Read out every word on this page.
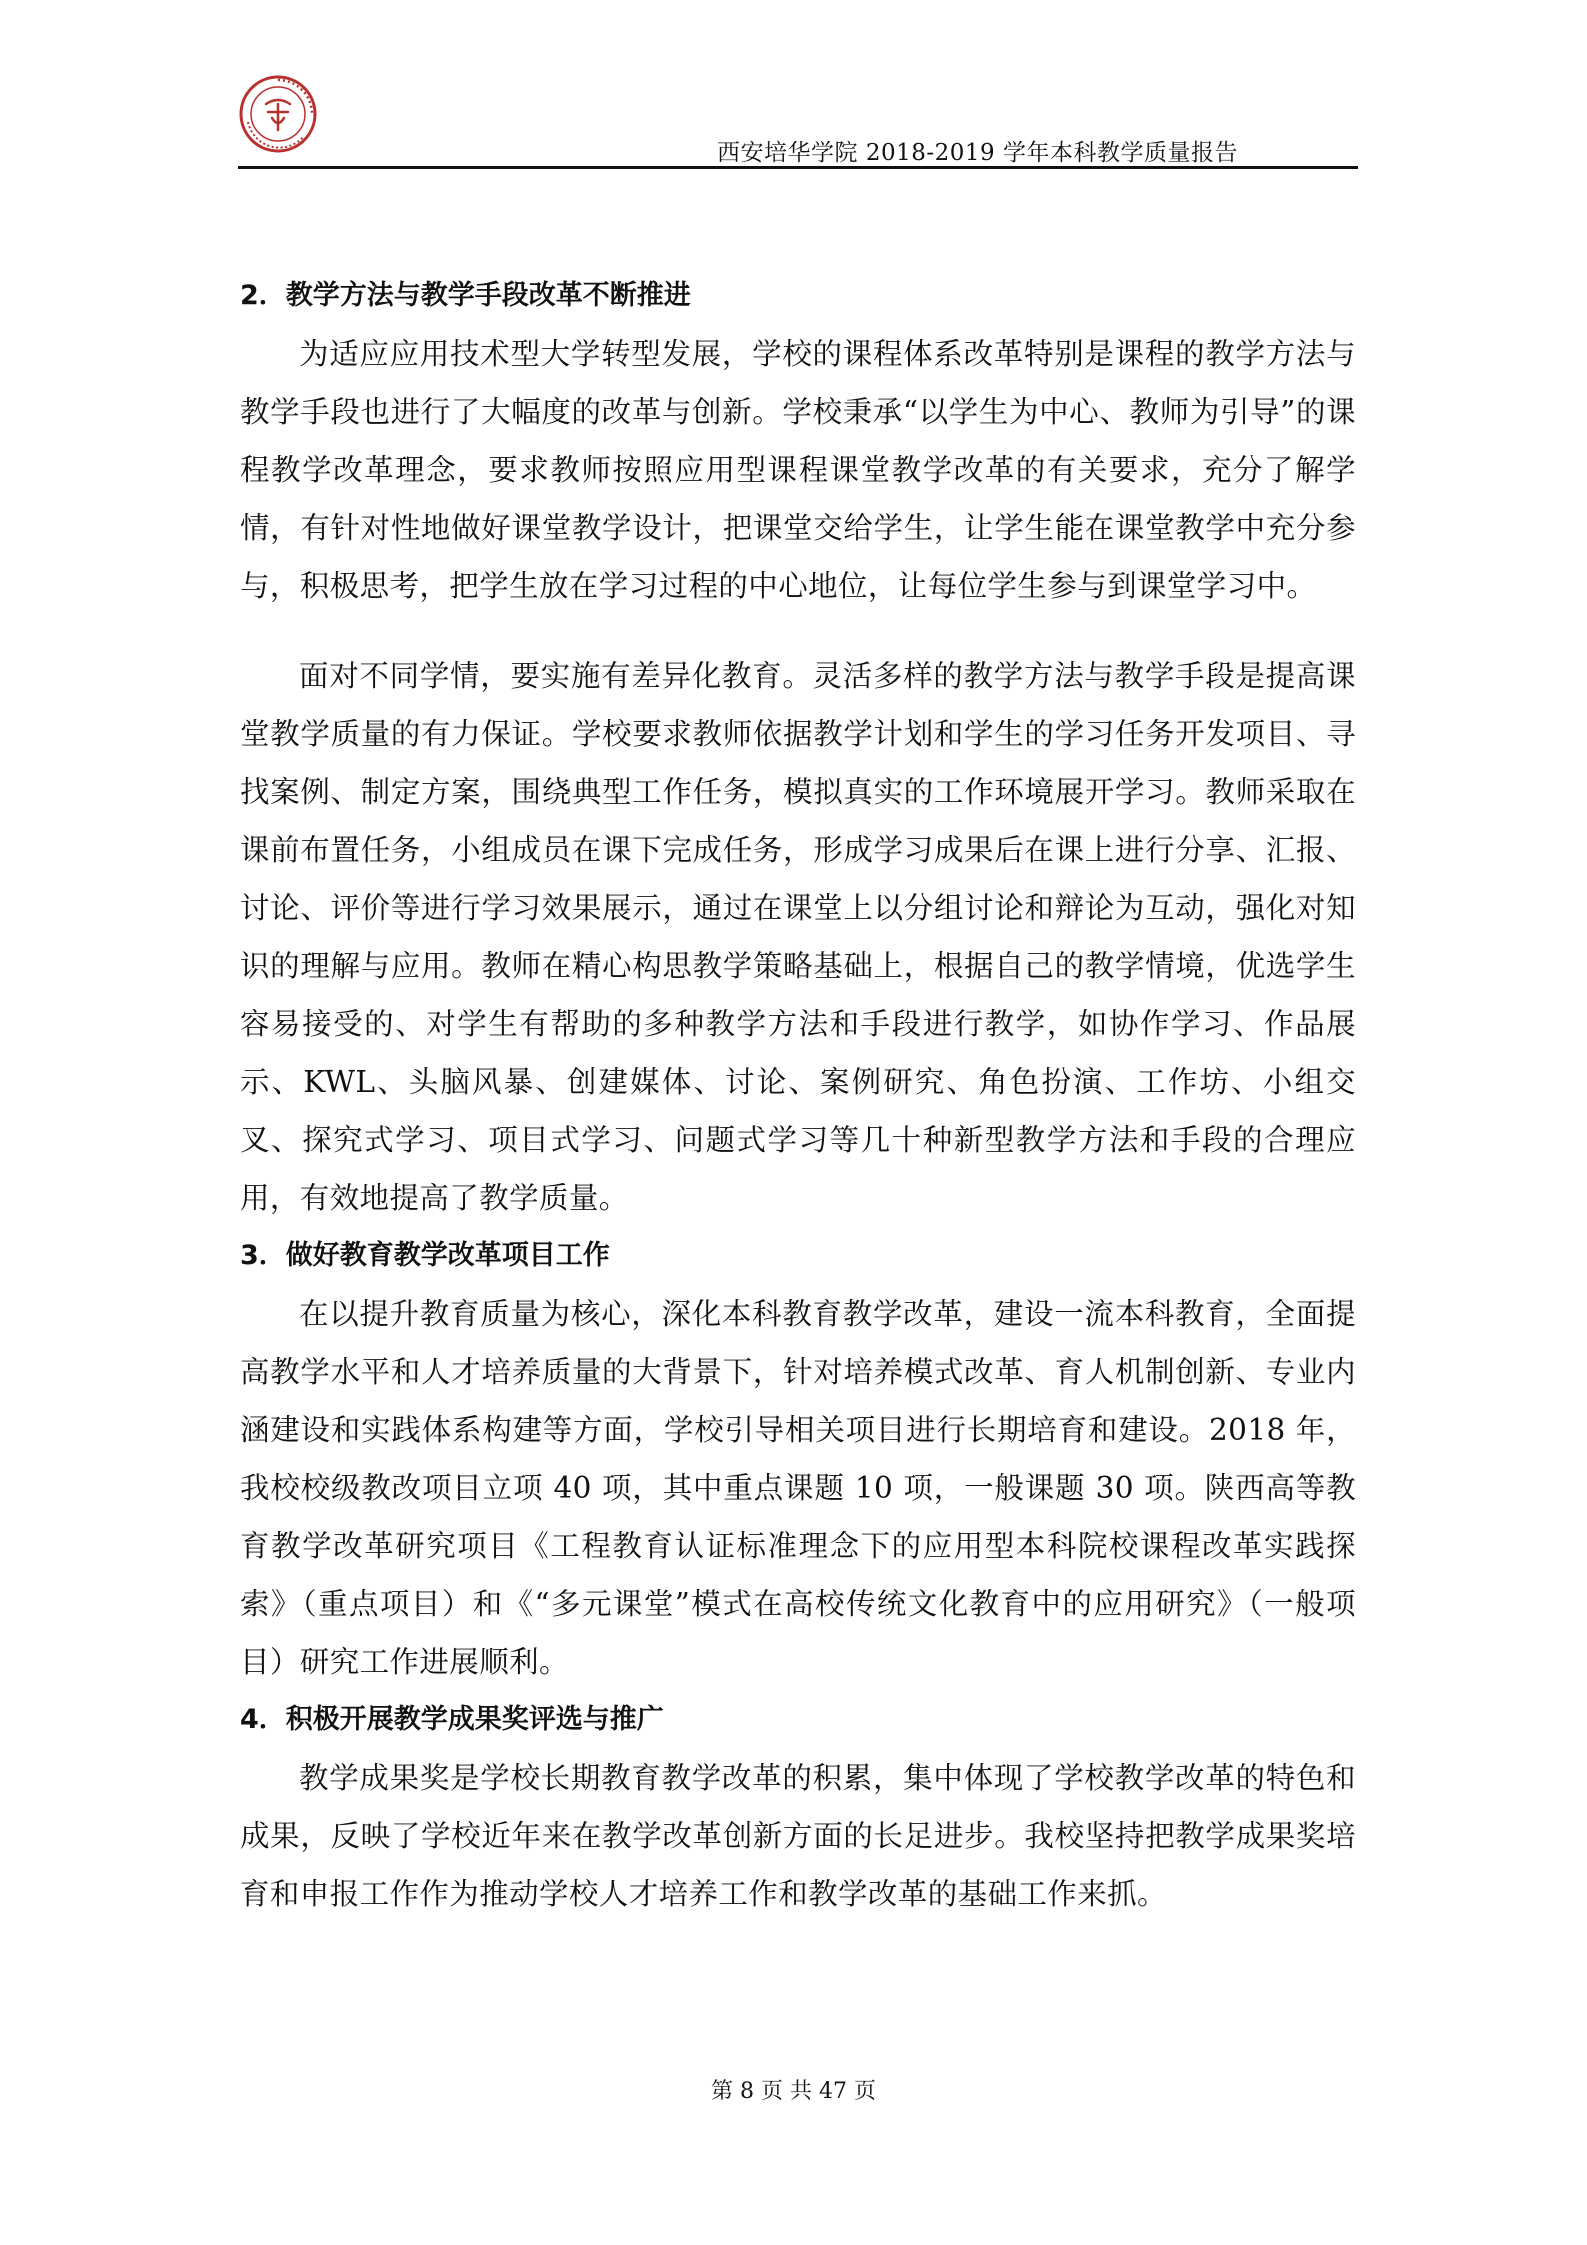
西安培华学院 2018-2019 学年本科教学质量报告
2．教学方法与教学手段改革不断推进

为适应应用技术型大学转型发展，学校的课程体系改革特别是课程的教学方法与教学手段也进行了大幅度的改革与创新。学校秉承“以学生为中心、教师为引导”的课程教学改革理念，要求教师按照应用型课程课堂教学改革的有关要求，充分了解学情，有针对性地做好课堂教学设计，把课堂交给学生，让学生能在课堂教学中充分参与，积极思考，把学生放在学习过程的中心地位，让每位学生参与到课堂学习中。

面对不同学情，要实施有差异化教育。灵活多样的教学方法与教学手段是提高课堂教学质量的有力保证。学校要求教师依据教学计划和学生的学习任务开发项目、寻找案例、制定方案，围绕典型工作任务，模拟真实的工作环境展开学习。教师采取在课前布置任务，小组成员在课下完成任务，形成学习成果后在课上进行分享、汇报、讨论、评价等进行学习效果展示，通过在课堂上以分组讨论和辩论为互动，强化对知识的理解与应用。教师在精心构思教学策略基础上，根据自己的教学情境，优选学生容易接受的、对学生有帮助的多种教学方法和手段进行教学，如协作学习、作品展示、KWL、头脑风暴、创建媒体、讨论、案例研究、角色扮演、工作坊、小组交叉、探究式学习、项目式学习、问题式学习等几十种新型教学方法和手段的合理应用，有效地提高了教学质量。

3．做好教育教学改革项目工作

在以提升教育质量为核心，深化本科教育教学改革，建设一流本科教育，全面提高教学水平和人才培养质量的大背景下，针对培养模式改革、育人机制创新、专业内涵建设和实践体系构建等方面，学校引导相关项目进行长期培育和建设。2018 年，我校校级教改项目立项 40 项，其中重点课题 10 项，一般课题 30 项。陕西高等教育教学改革研究项目《工程教育认证标准理念下的应用型本科院校课程改革实践探索》（重点项目）和《“多元课堂”模式在高校传统文化教育中的应用研究》（一般项目）研究工作进展顺利。

4．积极开展教学成果奖评选与推广

教学成果奖是学校长期教育教学改革的积累，集中体现了学校教学改革的特色和成果，反映了学校近年来在教学改革创新方面的长足进步。我校坚持把教学成果奖培育和申报工作作为推动学校人才培养工作和教学改革的基础工作来抓。

第 8 页 共 47 页
